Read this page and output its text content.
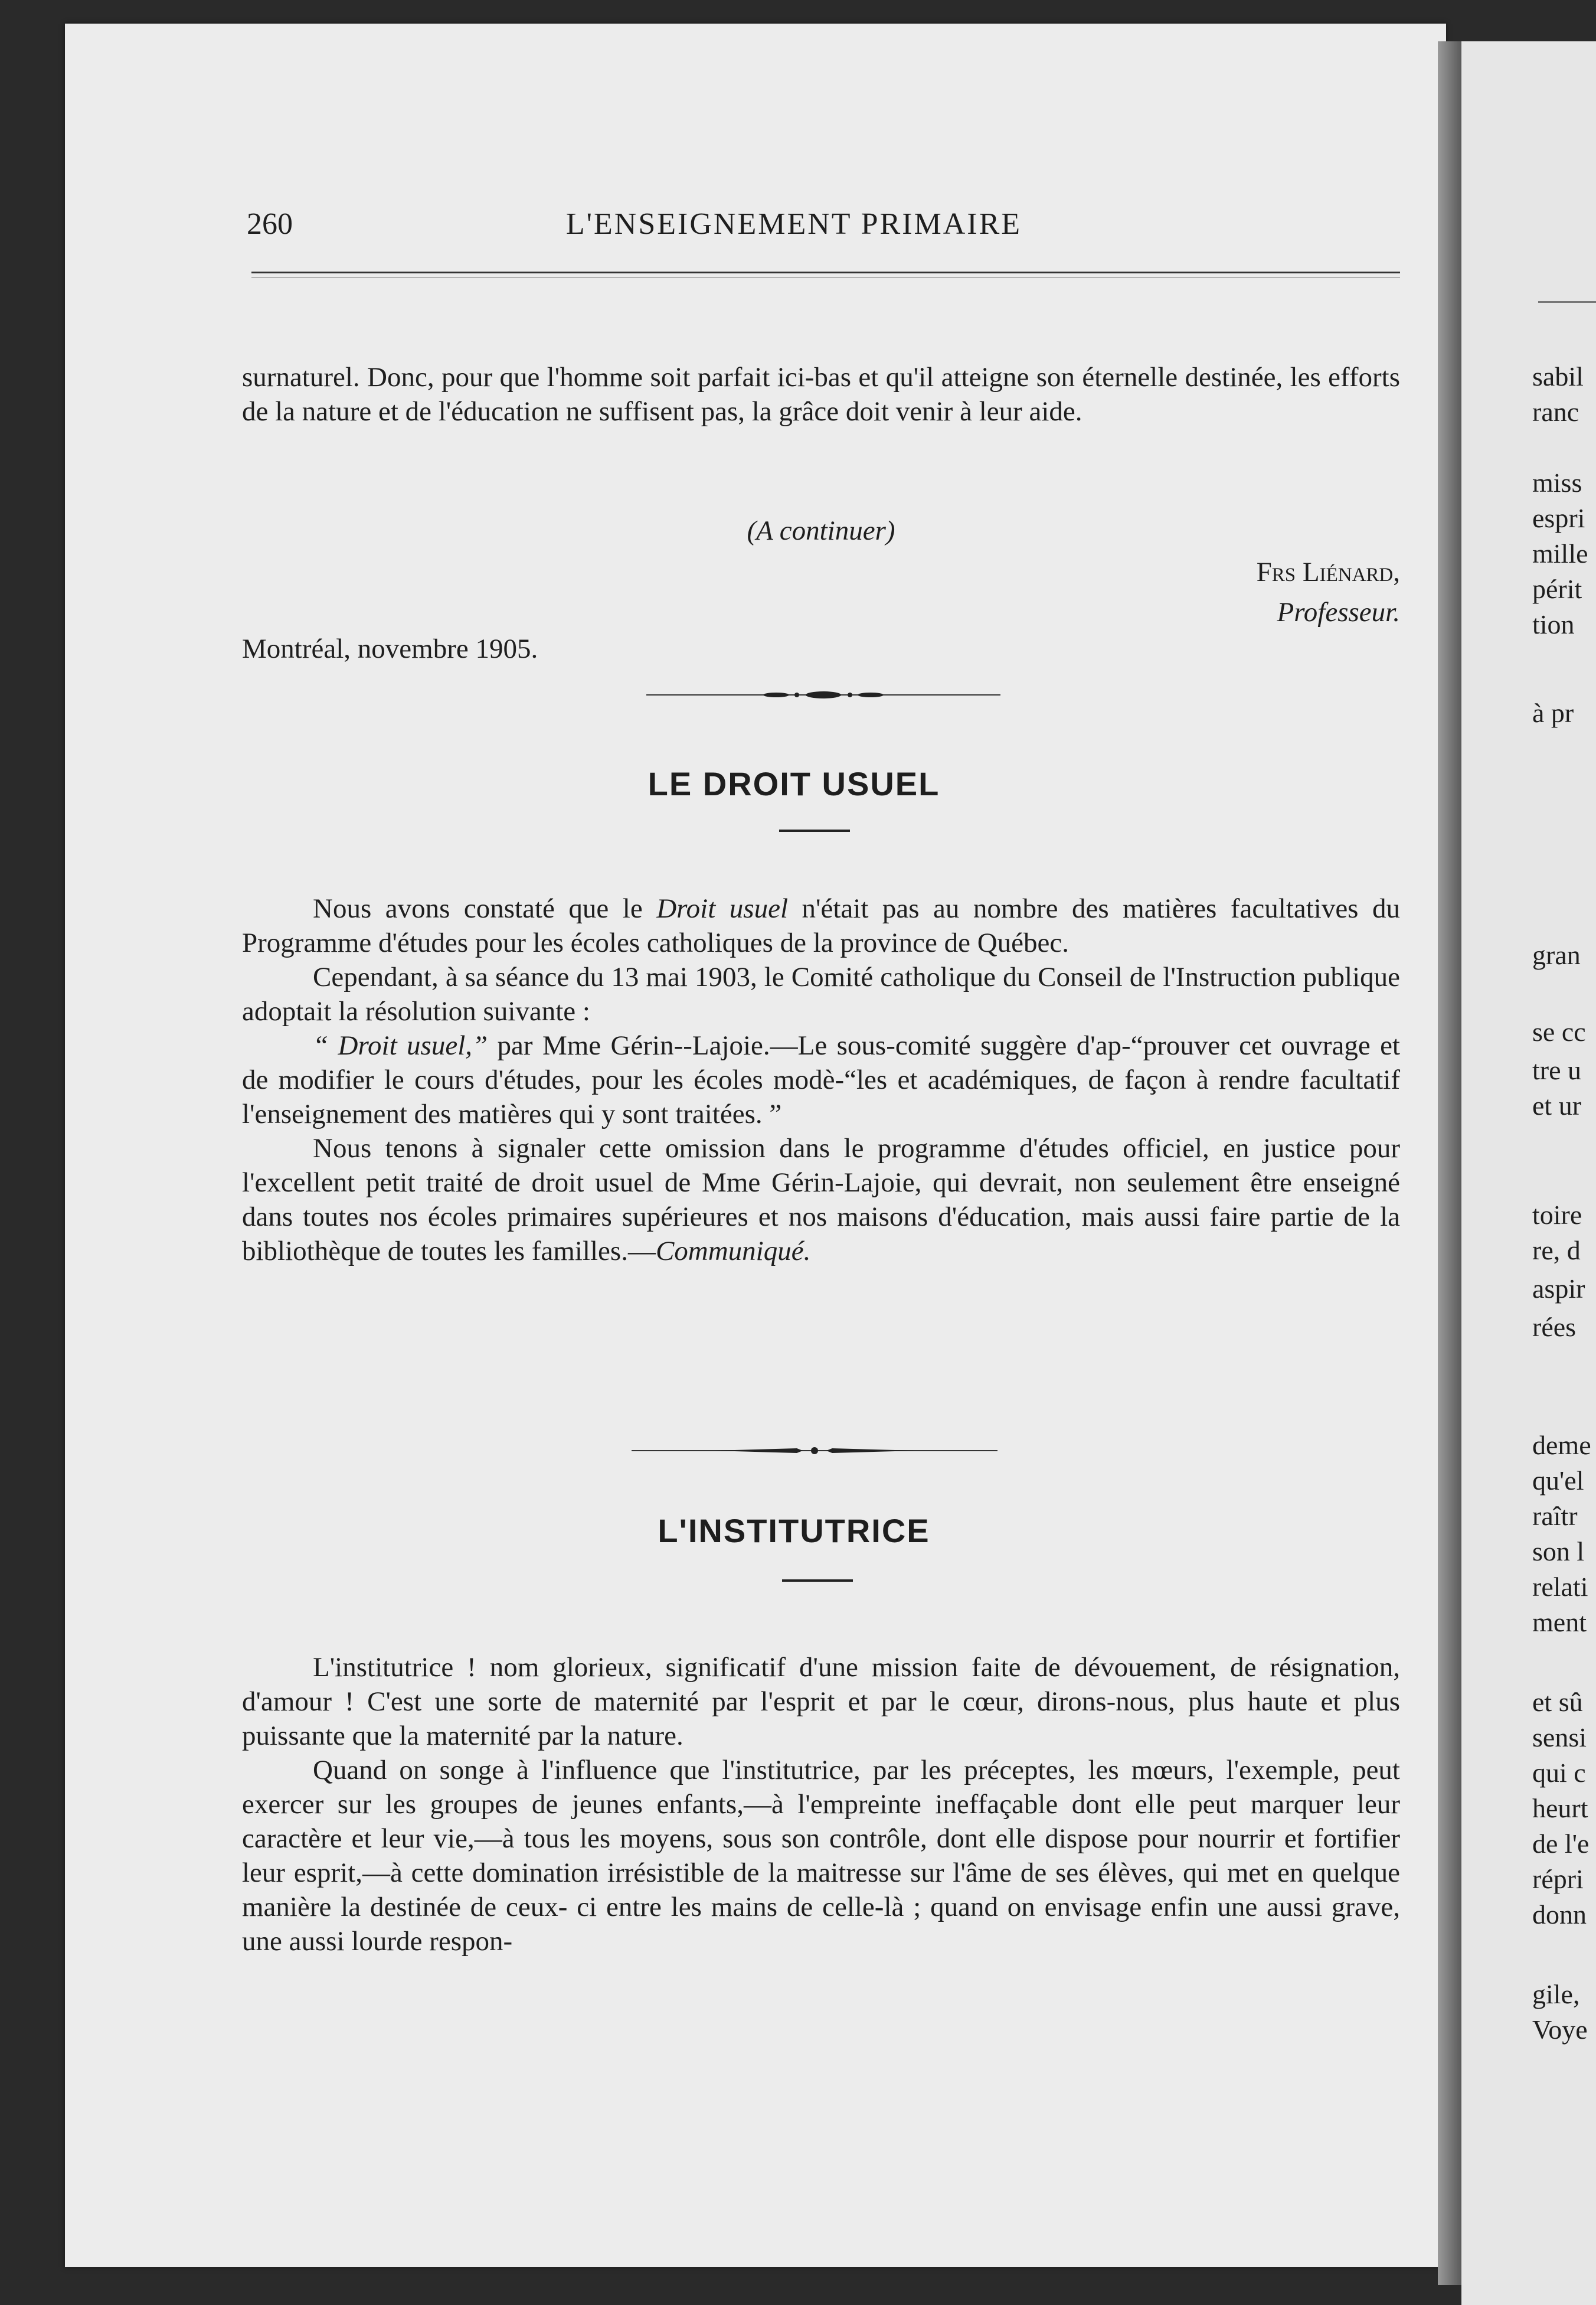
260	L'ENSEIGNEMENT PRIMAIRE

surnaturel. Donc, pour que l'homme soit parfait ici-bas et qu'il atteigne son éternelle destinée, les efforts de la nature et de l'éducation ne suffisent pas, la grâce doit venir à leur aide.

(A continuer)
Frs Liénard,
Professeur.
Montréal, novembre 1905.
LE DROIT USUEL

Nous avons constaté que le Droit usuel n'était pas au nombre des matières facultatives du Programme d'études pour les écoles catholiques de la province de Québec.

Cependant, à sa séance du 13 mai 1903, le Comité catholique du Conseil de l'Instruction publique adoptait la résolution suivante :

“ Droit usuel,” par Mme Gérin--Lajoie.—Le sous-comité suggère d'ap-“prouver cet ouvrage et de modifier le cours d'études, pour les écoles modè-“les et académiques, de façon à rendre facultatif l'enseignement des matières qui y sont traitées. ”

Nous tenons à signaler cette omission dans le programme d'études officiel, en justice pour l'excellent petit traité de droit usuel de Mme Gérin-Lajoie, qui devrait, non seulement être enseigné dans toutes nos écoles primaires supérieures et nos maisons d'éducation, mais aussi faire partie de la bibliothèque de toutes les familles.—Communiqué.

L'INSTITUTRICE

L'institutrice ! nom glorieux, significatif d'une mission faite de dévouement, de résignation, d'amour ! C'est une sorte de maternité par l'esprit et par le cœur, dirons-nous, plus haute et plus puissante que la maternité par la nature.

Quand on songe à l'influence que l'institutrice, par les préceptes, les mœurs, l'exemple, peut exercer sur les groupes de jeunes enfants,—à l'empreinte ineffaçable dont elle peut marquer leur caractère et leur vie,—à tous les moyens, sous son contrôle, dont elle dispose pour nourrir et fortifier leur esprit,—à cette domination irrésistible de la maitresse sur l'âme de ses élèves, qui met en quelque manière la destinée de ceux- ci entre les mains de celle-là ; quand on envisage enfin une aussi grave, une aussi lourde respon-

sabil
ranc
miss
espri
mille
périt
tion
à pr
gran
se cc
tre u
et ur
toire
re, d
aspir
rées
deme
qu'el
raîtr
son l
relati
ment
et sû
sensi
qui c
heurt
de l'e
répri
donn
gile,
Voye
